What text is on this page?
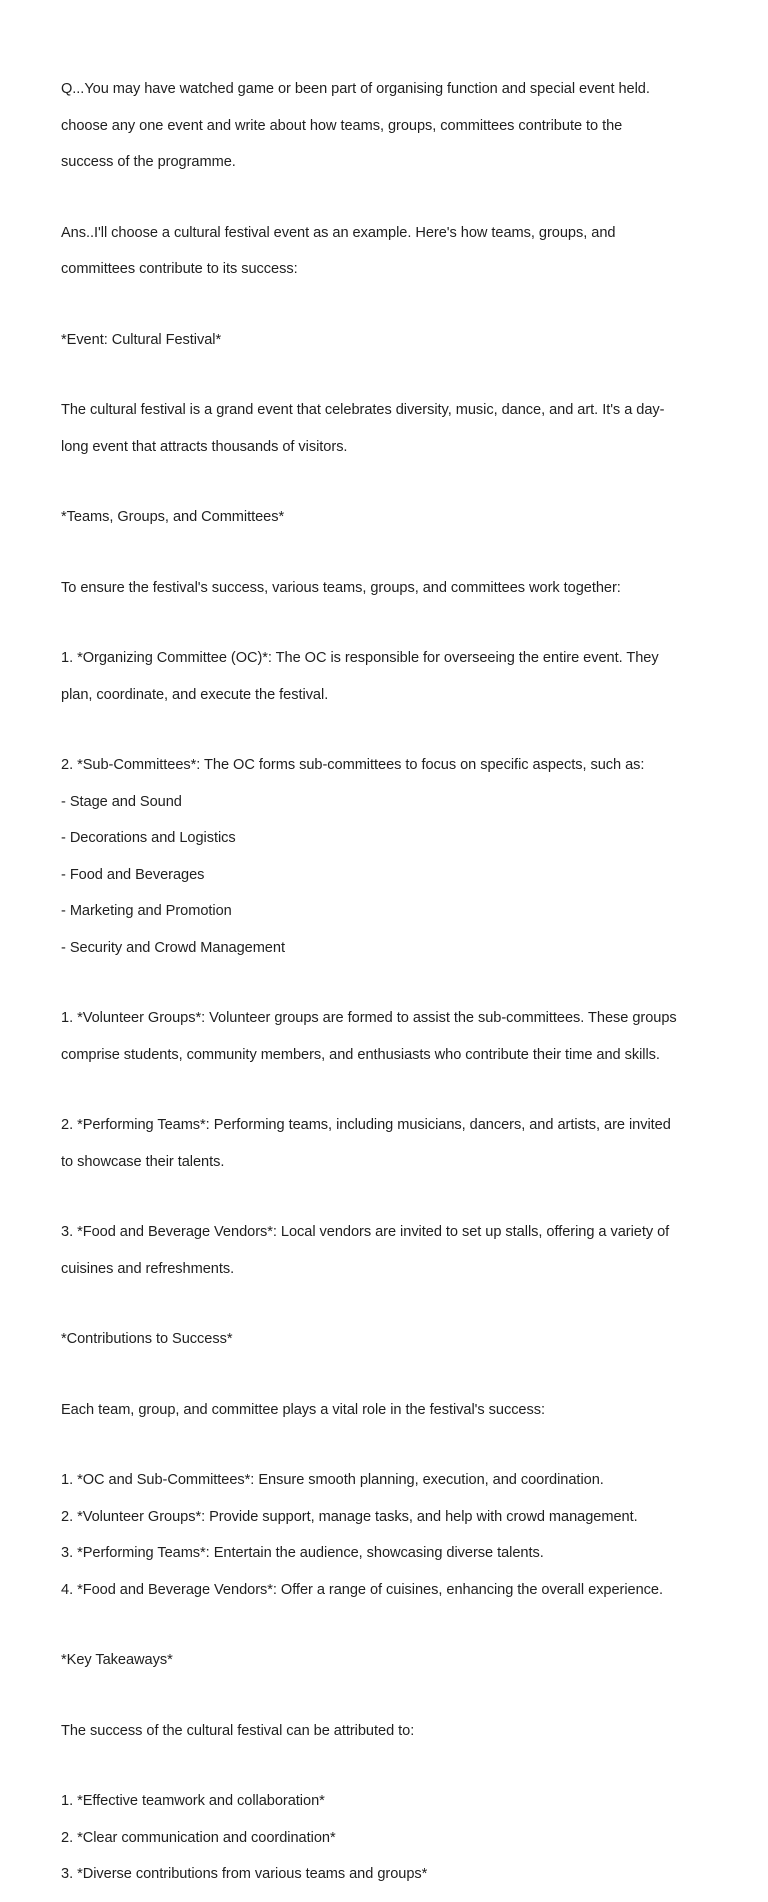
Q...You may have watched game or been part of organising function and special event held.

choose any one event and write about how teams, groups, committees contribute to the

success of the programme.

Ans..I'll choose a cultural festival event as an example. Here's how teams, groups, and

committees contribute to its success:

*Event: Cultural Festival*

The cultural festival is a grand event that celebrates diversity, music, dance, and art. It's a day-

long event that attracts thousands of visitors.

*Teams, Groups, and Committees*

To ensure the festival's success, various teams, groups, and committees work together:

1. *Organizing Committee (OC)*: The OC is responsible for overseeing the entire event. They

plan, coordinate, and execute the festival.

2. *Sub-Committees*: The OC forms sub-committees to focus on specific aspects, such as:

- Stage and Sound

- Decorations and Logistics

- Food and Beverages

- Marketing and Promotion

- Security and Crowd Management

1. *Volunteer Groups*: Volunteer groups are formed to assist the sub-committees. These groups

comprise students, community members, and enthusiasts who contribute their time and skills.

2. *Performing Teams*: Performing teams, including musicians, dancers, and artists, are invited

to showcase their talents.

3. *Food and Beverage Vendors*: Local vendors are invited to set up stalls, offering a variety of

cuisines and refreshments.

*Contributions to Success*

Each team, group, and committee plays a vital role in the festival's success:

1. *OC and Sub-Committees*: Ensure smooth planning, execution, and coordination.

2. *Volunteer Groups*: Provide support, manage tasks, and help with crowd management.

3. *Performing Teams*: Entertain the audience, showcasing diverse talents.

4. *Food and Beverage Vendors*: Offer a range of cuisines, enhancing the overall experience.

*Key Takeaways*

The success of the cultural festival can be attributed to:

1. *Effective teamwork and collaboration*

2. *Clear communication and coordination*

3. *Diverse contributions from various teams and groups*
